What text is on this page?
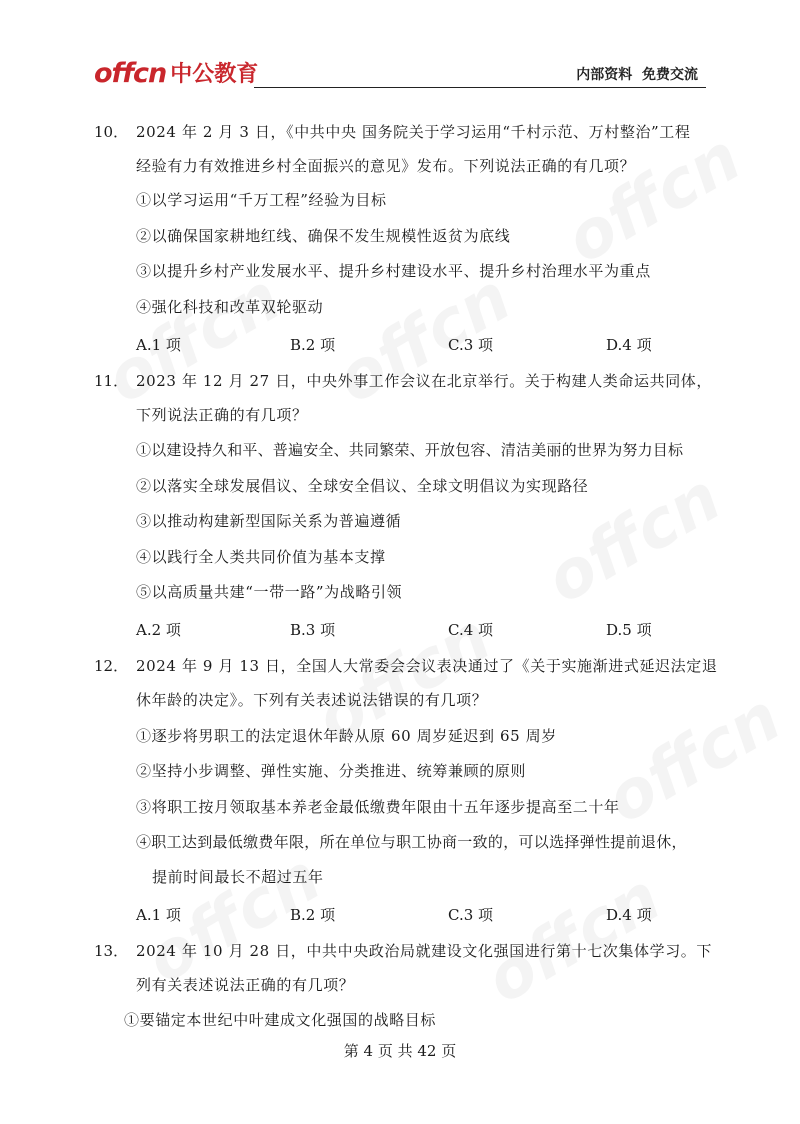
offcn 中公教育	内部资料  免费交流
10． 2024 年 2 月 3 日，《中共中央 国务院关于学习运用“千村示范、万村整治”工程
经验有力有效推进乡村全面振兴的意见》发布。下列说法正确的有几项？
①以学习运用“千万工程”经验为目标
②以确保国家耕地红线、确保不发生规模性返贫为底线
③以提升乡村产业发展水平、提升乡村建设水平、提升乡村治理水平为重点
④强化科技和改革双轮驱动
A.1 项	B.2 项	C.3 项	D.4 项
11． 2023 年 12 月 27 日，中央外事工作会议在北京举行。关于构建人类命运共同体，
下列说法正确的有几项？
①以建设持久和平、普遍安全、共同繁荣、开放包容、清洁美丽的世界为努力目标
②以落实全球发展倡议、全球安全倡议、全球文明倡议为实现路径
③以推动构建新型国际关系为普遍遵循
④以践行全人类共同价值为基本支撑
⑤以高质量共建“一带一路”为战略引领
A.2 项	B.3 项	C.4 项	D.5 项
12． 2024 年 9 月 13 日，全国人大常委会会议表决通过了《关于实施渐进式延迟法定退
休年龄的决定》。下列有关表述说法错误的有几项？
①逐步将男职工的法定退休年龄从原 60 周岁延迟到 65 周岁
②坚持小步调整、弹性实施、分类推进、统筹兼顾的原则
③将职工按月领取基本养老金最低缴费年限由十五年逐步提高至二十年
④职工达到最低缴费年限，所在单位与职工协商一致的，可以选择弹性提前退休，
提前时间最长不超过五年
A.1 项	B.2 项	C.3 项	D.4 项
13． 2024 年 10 月 28 日，中共中央政治局就建设文化强国进行第十七次集体学习。下
列有关表述说法正确的有几项？
①要锚定本世纪中叶建成文化强国的战略目标
第 4 页 共 42 页
